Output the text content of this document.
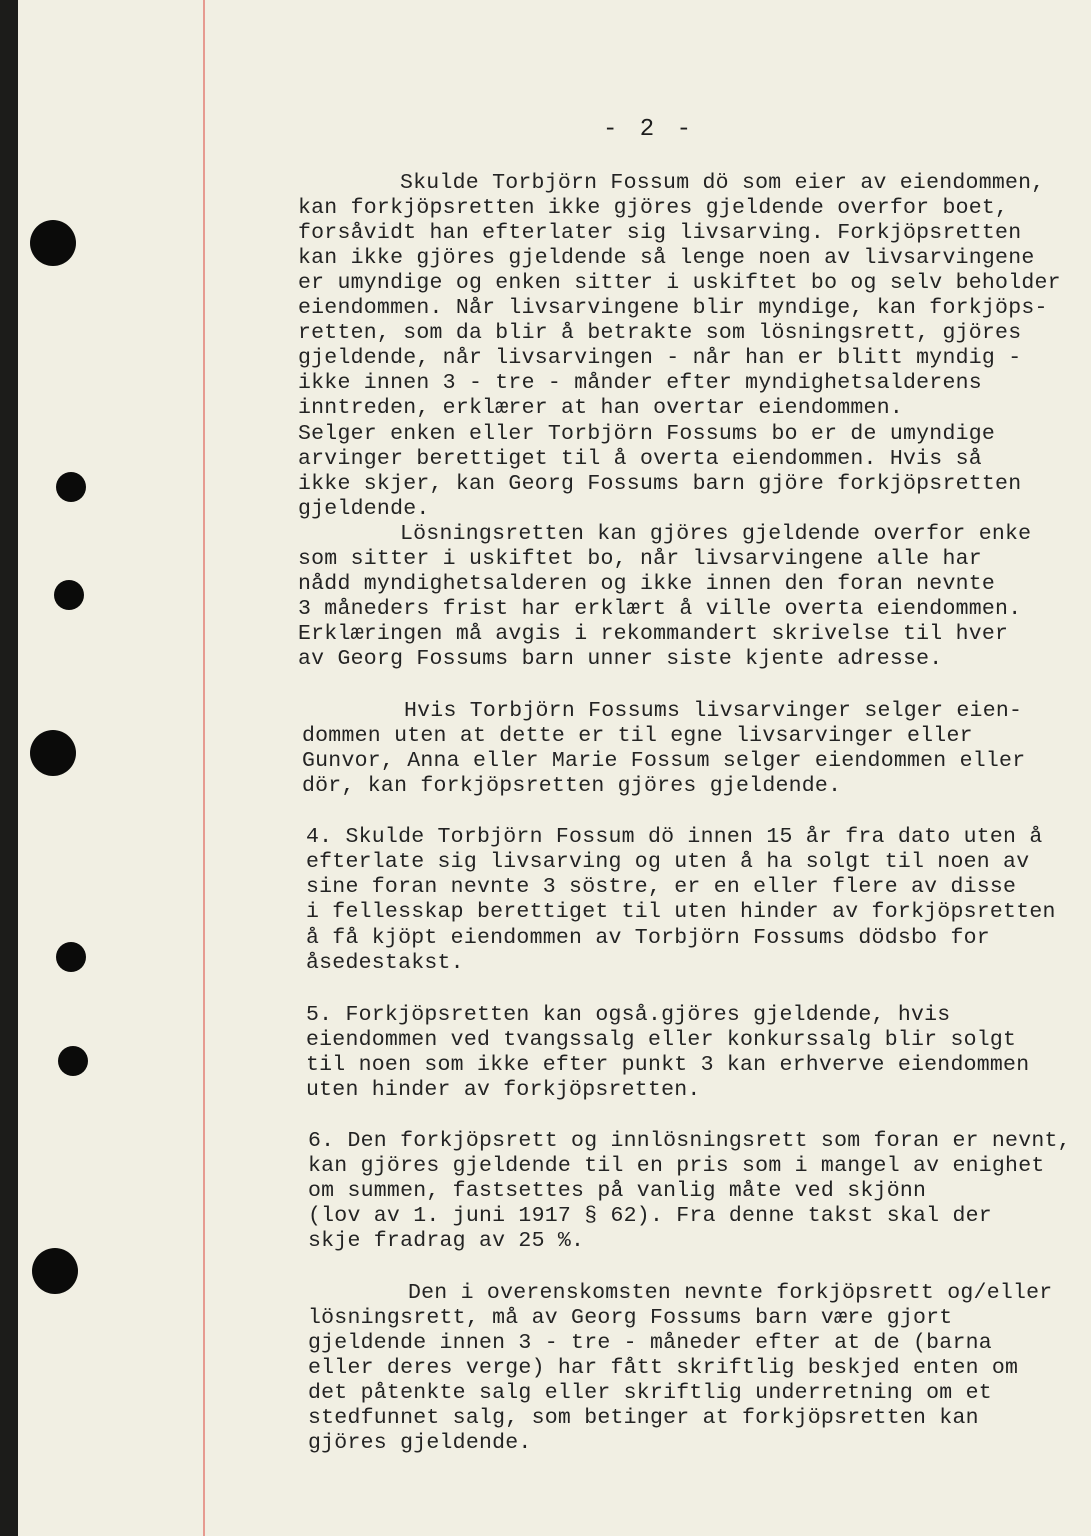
- 2 -
Skulde Torbjörn Fossum dö som eier av eiendommen,
kan forkjöpsretten ikke gjöres gjeldende overfor boet,
forsåvidt han efterlater sig livsarving. Forkjöpsretten
kan ikke gjöres gjeldende så lenge noen av livsarvingene
er umyndige og enken sitter i uskiftet bo og selv beholder
eiendommen. Når livsarvingene blir myndige, kan forkjöps-
retten, som da blir å betrakte som lösningsrett, gjöres
gjeldende, når livsarvingen - når han er blitt myndig -
ikke innen 3 - tre - månder efter myndighetsalderens
inntreden, erklærer at han overtar eiendommen.
Selger enken eller Torbjörn Fossums bo er de umyndige
arvinger berettiget til å overta eiendommen. Hvis så
ikke skjer, kan Georg Fossums barn gjöre forkjöpsretten
gjeldende.
Lösningsretten kan gjöres gjeldende overfor enke
som sitter i uskiftet bo, når livsarvingene alle har
nådd myndighetsalderen og ikke innen den foran nevnte
3 måneders frist har erklært å ville overta eiendommen.
Erklæringen må avgis i rekommandert skrivelse til hver
av Georg Fossums barn unner siste kjente adresse.
Hvis Torbjörn Fossums livsarvinger selger eien-
dommen uten at dette er til egne livsarvinger eller
Gunvor, Anna eller Marie Fossum selger eiendommen eller
dör, kan forkjöpsretten gjöres gjeldende.
4. Skulde Torbjörn Fossum dö innen 15 år fra dato uten å
efterlate sig livsarving og uten å ha solgt til noen av
sine foran nevnte 3 söstre, er en eller flere av disse
i fellesskap berettiget til uten hinder av forkjöpsretten
å få kjöpt eiendommen av Torbjörn Fossums dödsbo for
åsedestakst.
5. Forkjöpsretten kan også.gjöres gjeldende, hvis
eiendommen ved tvangssalg eller konkurssalg blir solgt
til noen som ikke efter punkt 3 kan erhverve eiendommen
uten hinder av forkjöpsretten.
6. Den forkjöpsrett og innlösningsrett som foran er nevnt,
kan gjöres gjeldende til en pris som i mangel av enighet
om summen, fastsettes på vanlig måte ved skjönn
(lov av 1. juni 1917 § 62). Fra denne takst skal der
skje fradrag av 25 %.
Den i overenskomsten nevnte forkjöpsrett og/eller
lösningsrett, må av Georg Fossums barn være gjort
gjeldende innen 3 - tre - måneder efter at de (barna
eller deres verge) har fått skriftlig beskjed enten om
det påtenkte salg eller skriftlig underretning om et
stedfunnet salg, som betinger at forkjöpsretten kan
gjöres gjeldende.
